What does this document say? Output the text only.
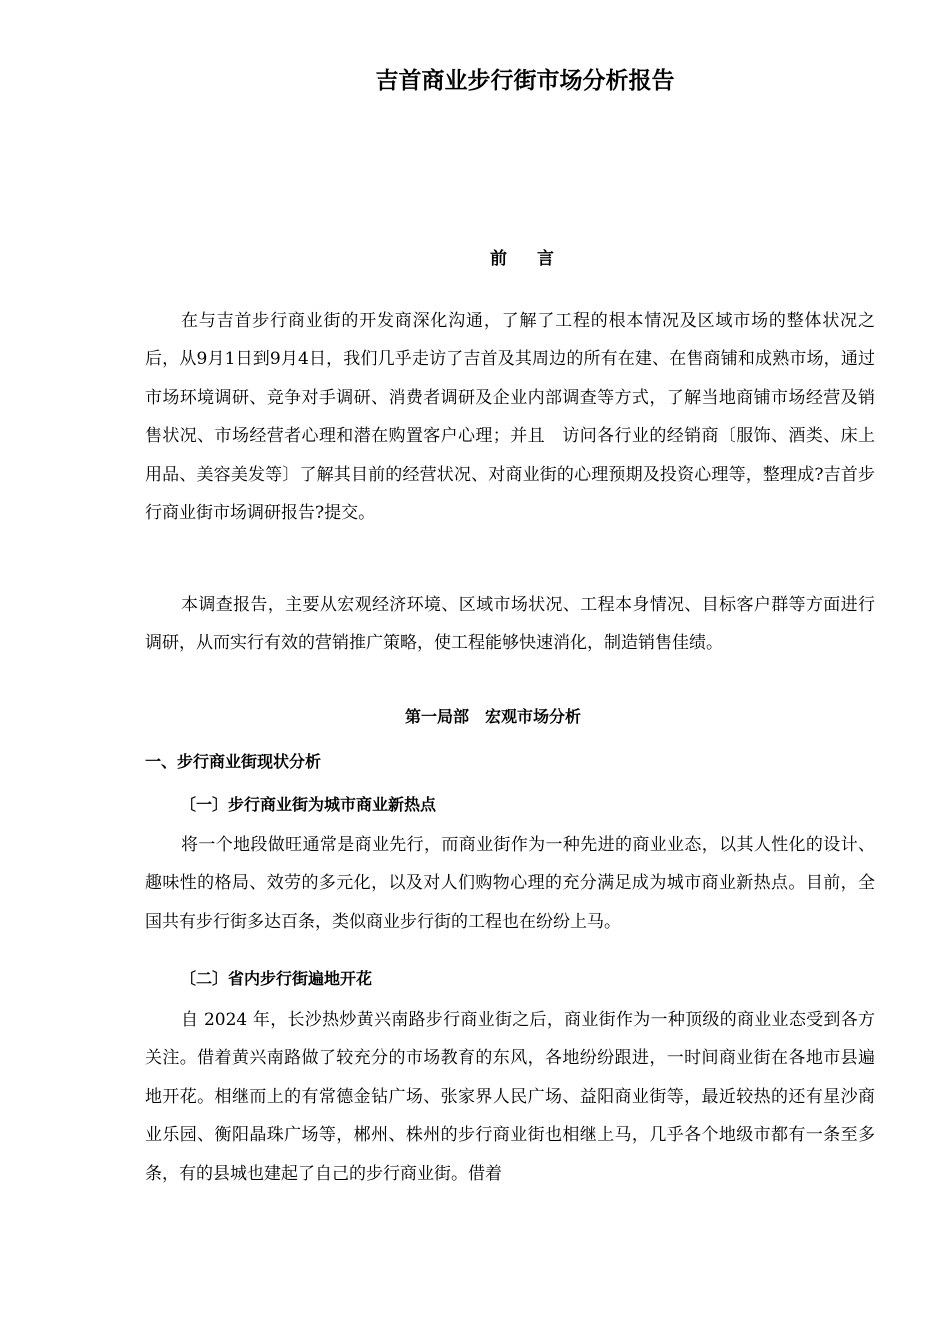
吉首商业步行街市场分析报告
前言

在与吉首步行商业街的开发商深化沟通，了解了工程的根本情况及区域市场的整体状况之后，从9月1日到9月4日，我们几乎走访了吉首及其周边的所有在建、在售商铺和成熟市场，通过市场环境调研、竞争对手调研、消费者调研及企业内部调查等方式，了解当地商铺市场经营及销售状况、市场经营者心理和潜在购置客户心理；并且　访问各行业的经销商〔服饰、酒类、床上用品、美容美发等〕了解其目前的经营状况、对商业街的心理预期及投资心理等，整理成?吉首步行商业街市场调研报告?提交。

本调查报告，主要从宏观经济环境、区域市场状况、工程本身情况、目标客户群等方面进行调研，从而实行有效的营销推广策略，使工程能够快速消化，制造销售佳绩。

第一局部　宏观市场分析
一、步行商业街现状分析
〔一〕步行商业街为城市商业新热点

将一个地段做旺通常是商业先行，而商业街作为一种先进的商业业态，以其人性化的设计、趣味性的格局、效劳的多元化，以及对人们购物心理的充分满足成为城市商业新热点。目前，全国共有步行街多达百条，类似商业步行街的工程也在纷纷上马。

〔二〕省内步行街遍地开花

自 2024 年，长沙热炒黄兴南路步行商业街之后，商业街作为一种顶级的商业业态受到各方关注。借着黄兴南路做了较充分的市场教育的东风，各地纷纷跟进，一时间商业街在各地市县遍地开花。相继而上的有常德金钻广场、张家界人民广场、益阳商业街等，最近较热的还有星沙商业乐园、衡阳晶珠广场等，郴州、株州的步行商业街也相继上马，几乎各个地级市都有一条至多条，有的县城也建起了自己的步行商业街。借着
